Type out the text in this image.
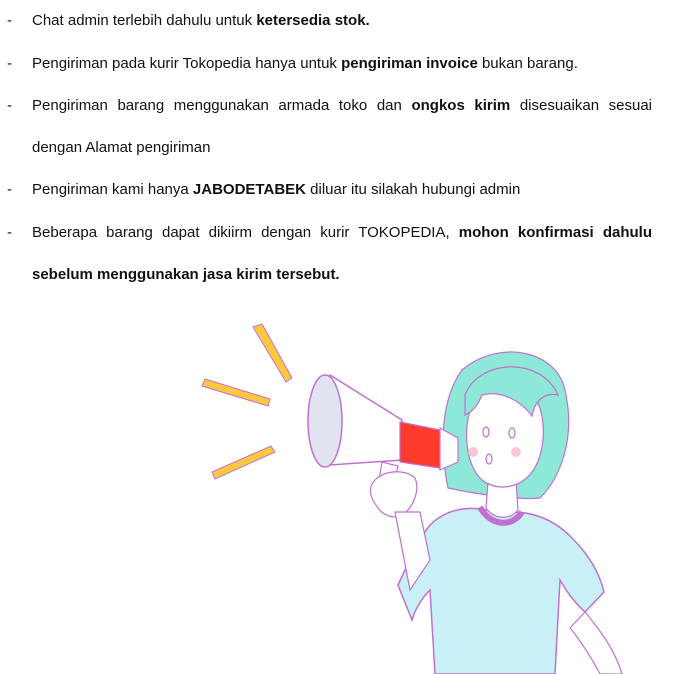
- Chat admin terlebih dahulu untuk ketersedia stok.
- Pengiriman pada kurir Tokopedia hanya untuk pengiriman invoice bukan barang.
- Pengiriman barang menggunakan armada toko dan ongkos kirim disesuaikan sesuai
dengan Alamat pengiriman
- Pengiriman kami hanya JABODETABEK diluar itu silakah hubungi admin
- Beberapa barang dapat dikiirm dengan kurir TOKOPEDIA, mohon konfirmasi dahulu
sebelum menggunakan jasa kirim tersebut.
